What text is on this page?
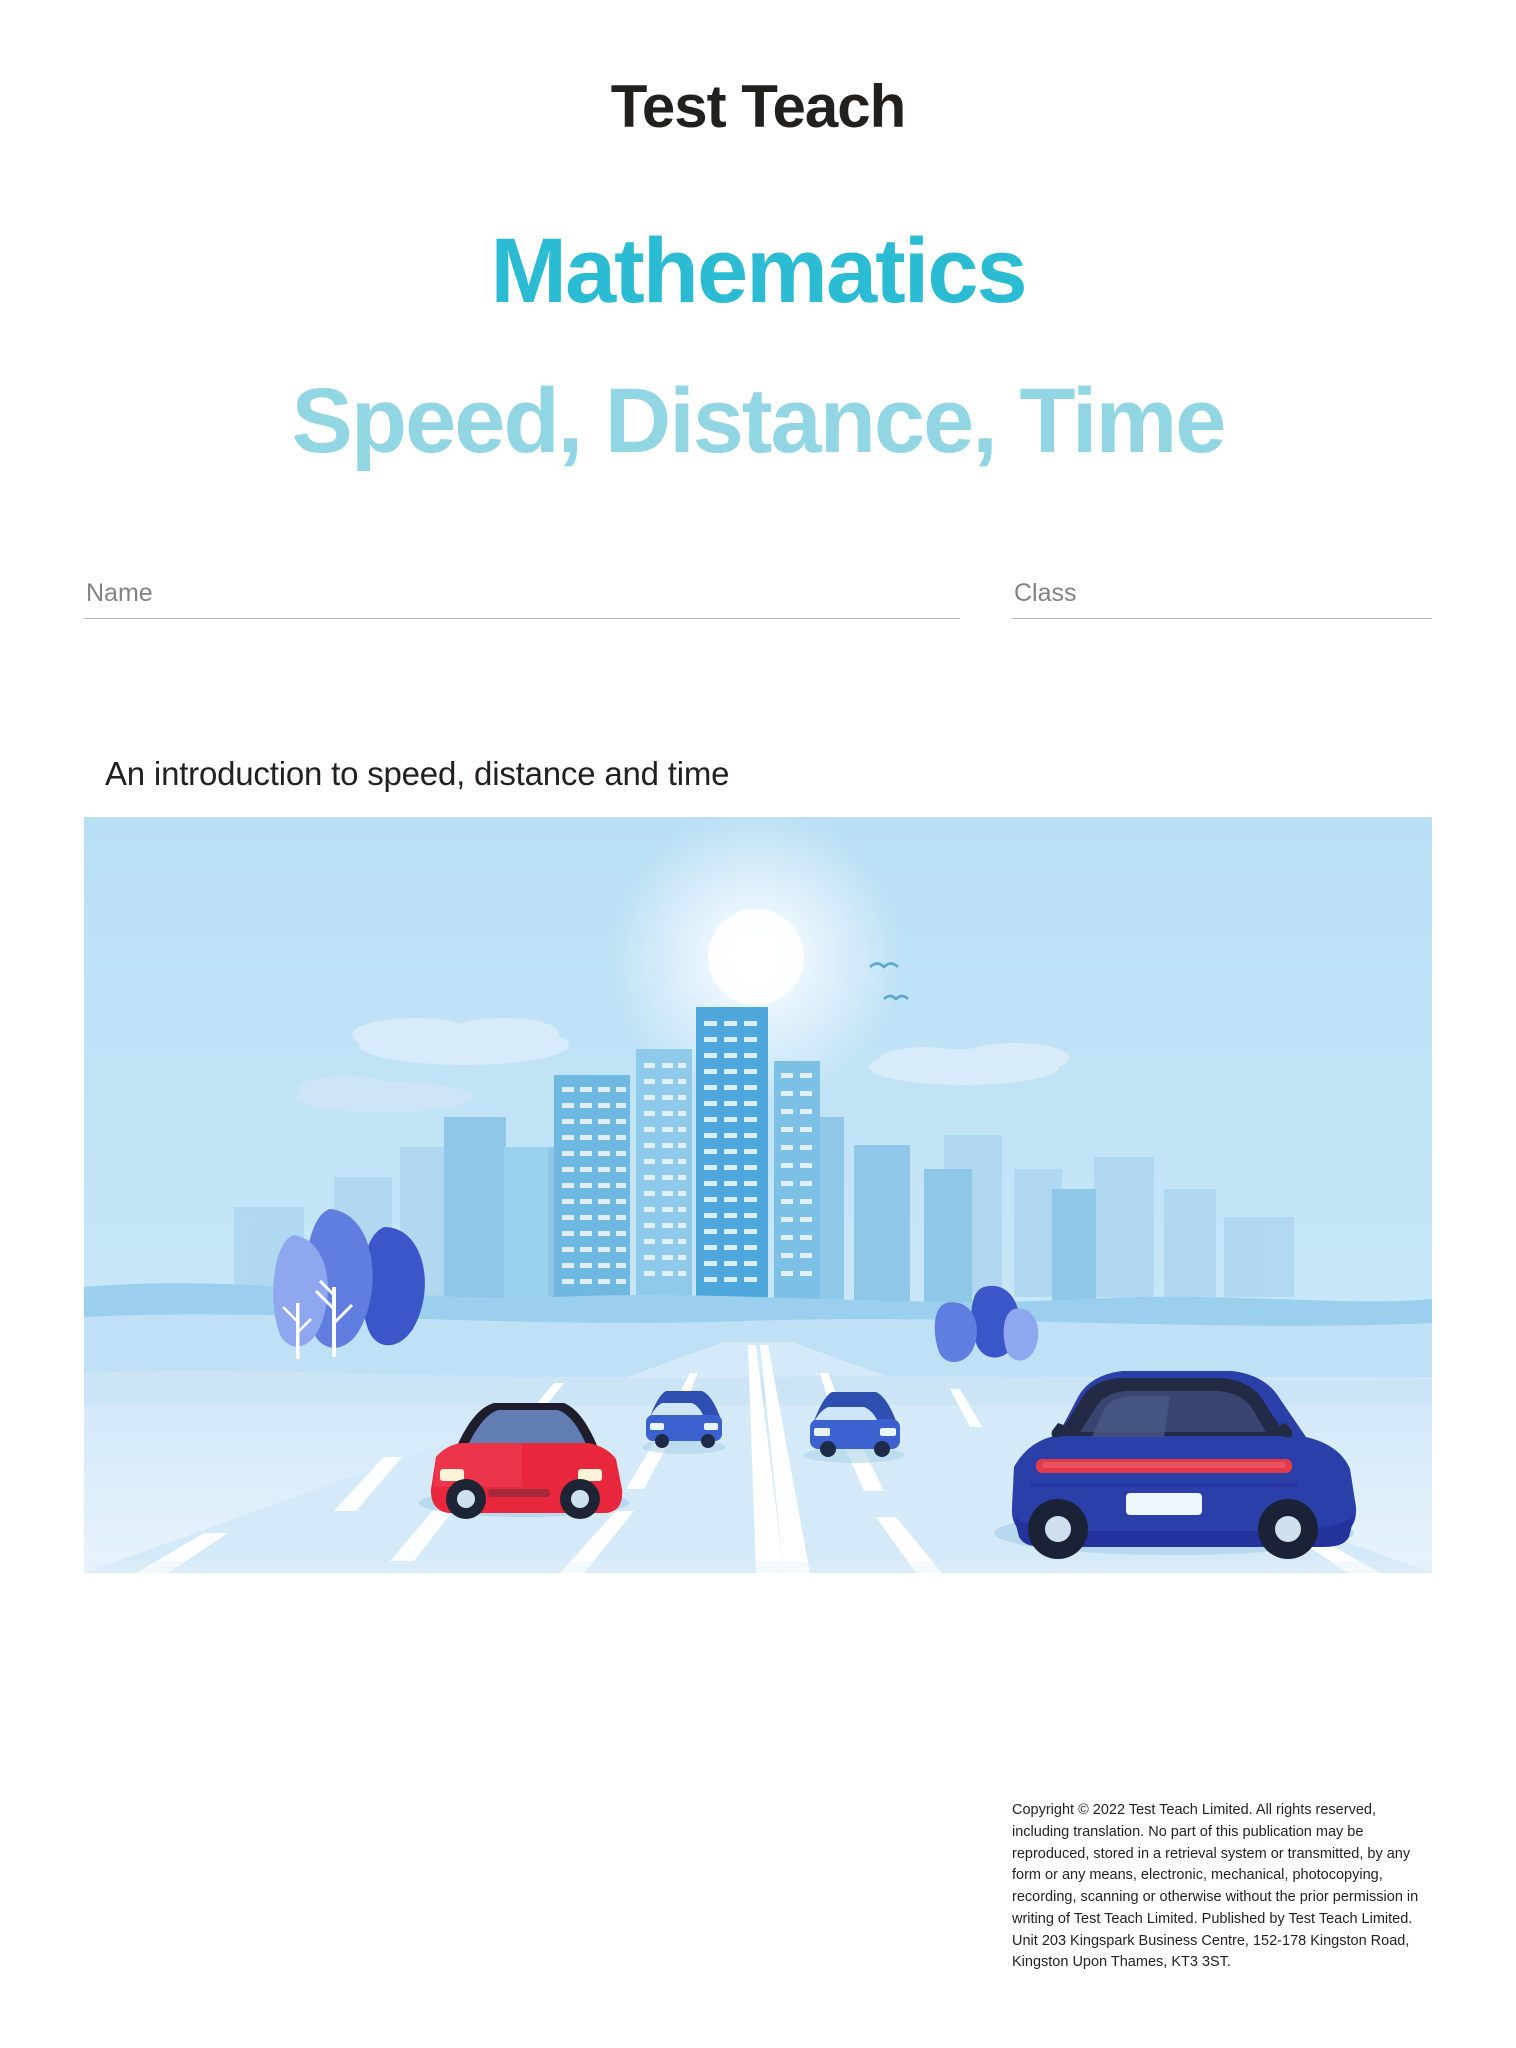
Test Teach
Mathematics
Speed, Distance, Time
Name	Class
An introduction to speed, distance and time
Copyright © 2022 Test Teach Limited. All rights reserved, including translation. No part of this publication may be reproduced, stored in a retrieval system or transmitted, by any form or any means, electronic, mechanical, photocopying, recording, scanning or otherwise without the prior permission in writing of Test Teach Limited. Published by Test Teach Limited. Unit 203 Kingspark Business Centre, 152-178 Kingston Road, Kingston Upon Thames, KT3 3ST.
